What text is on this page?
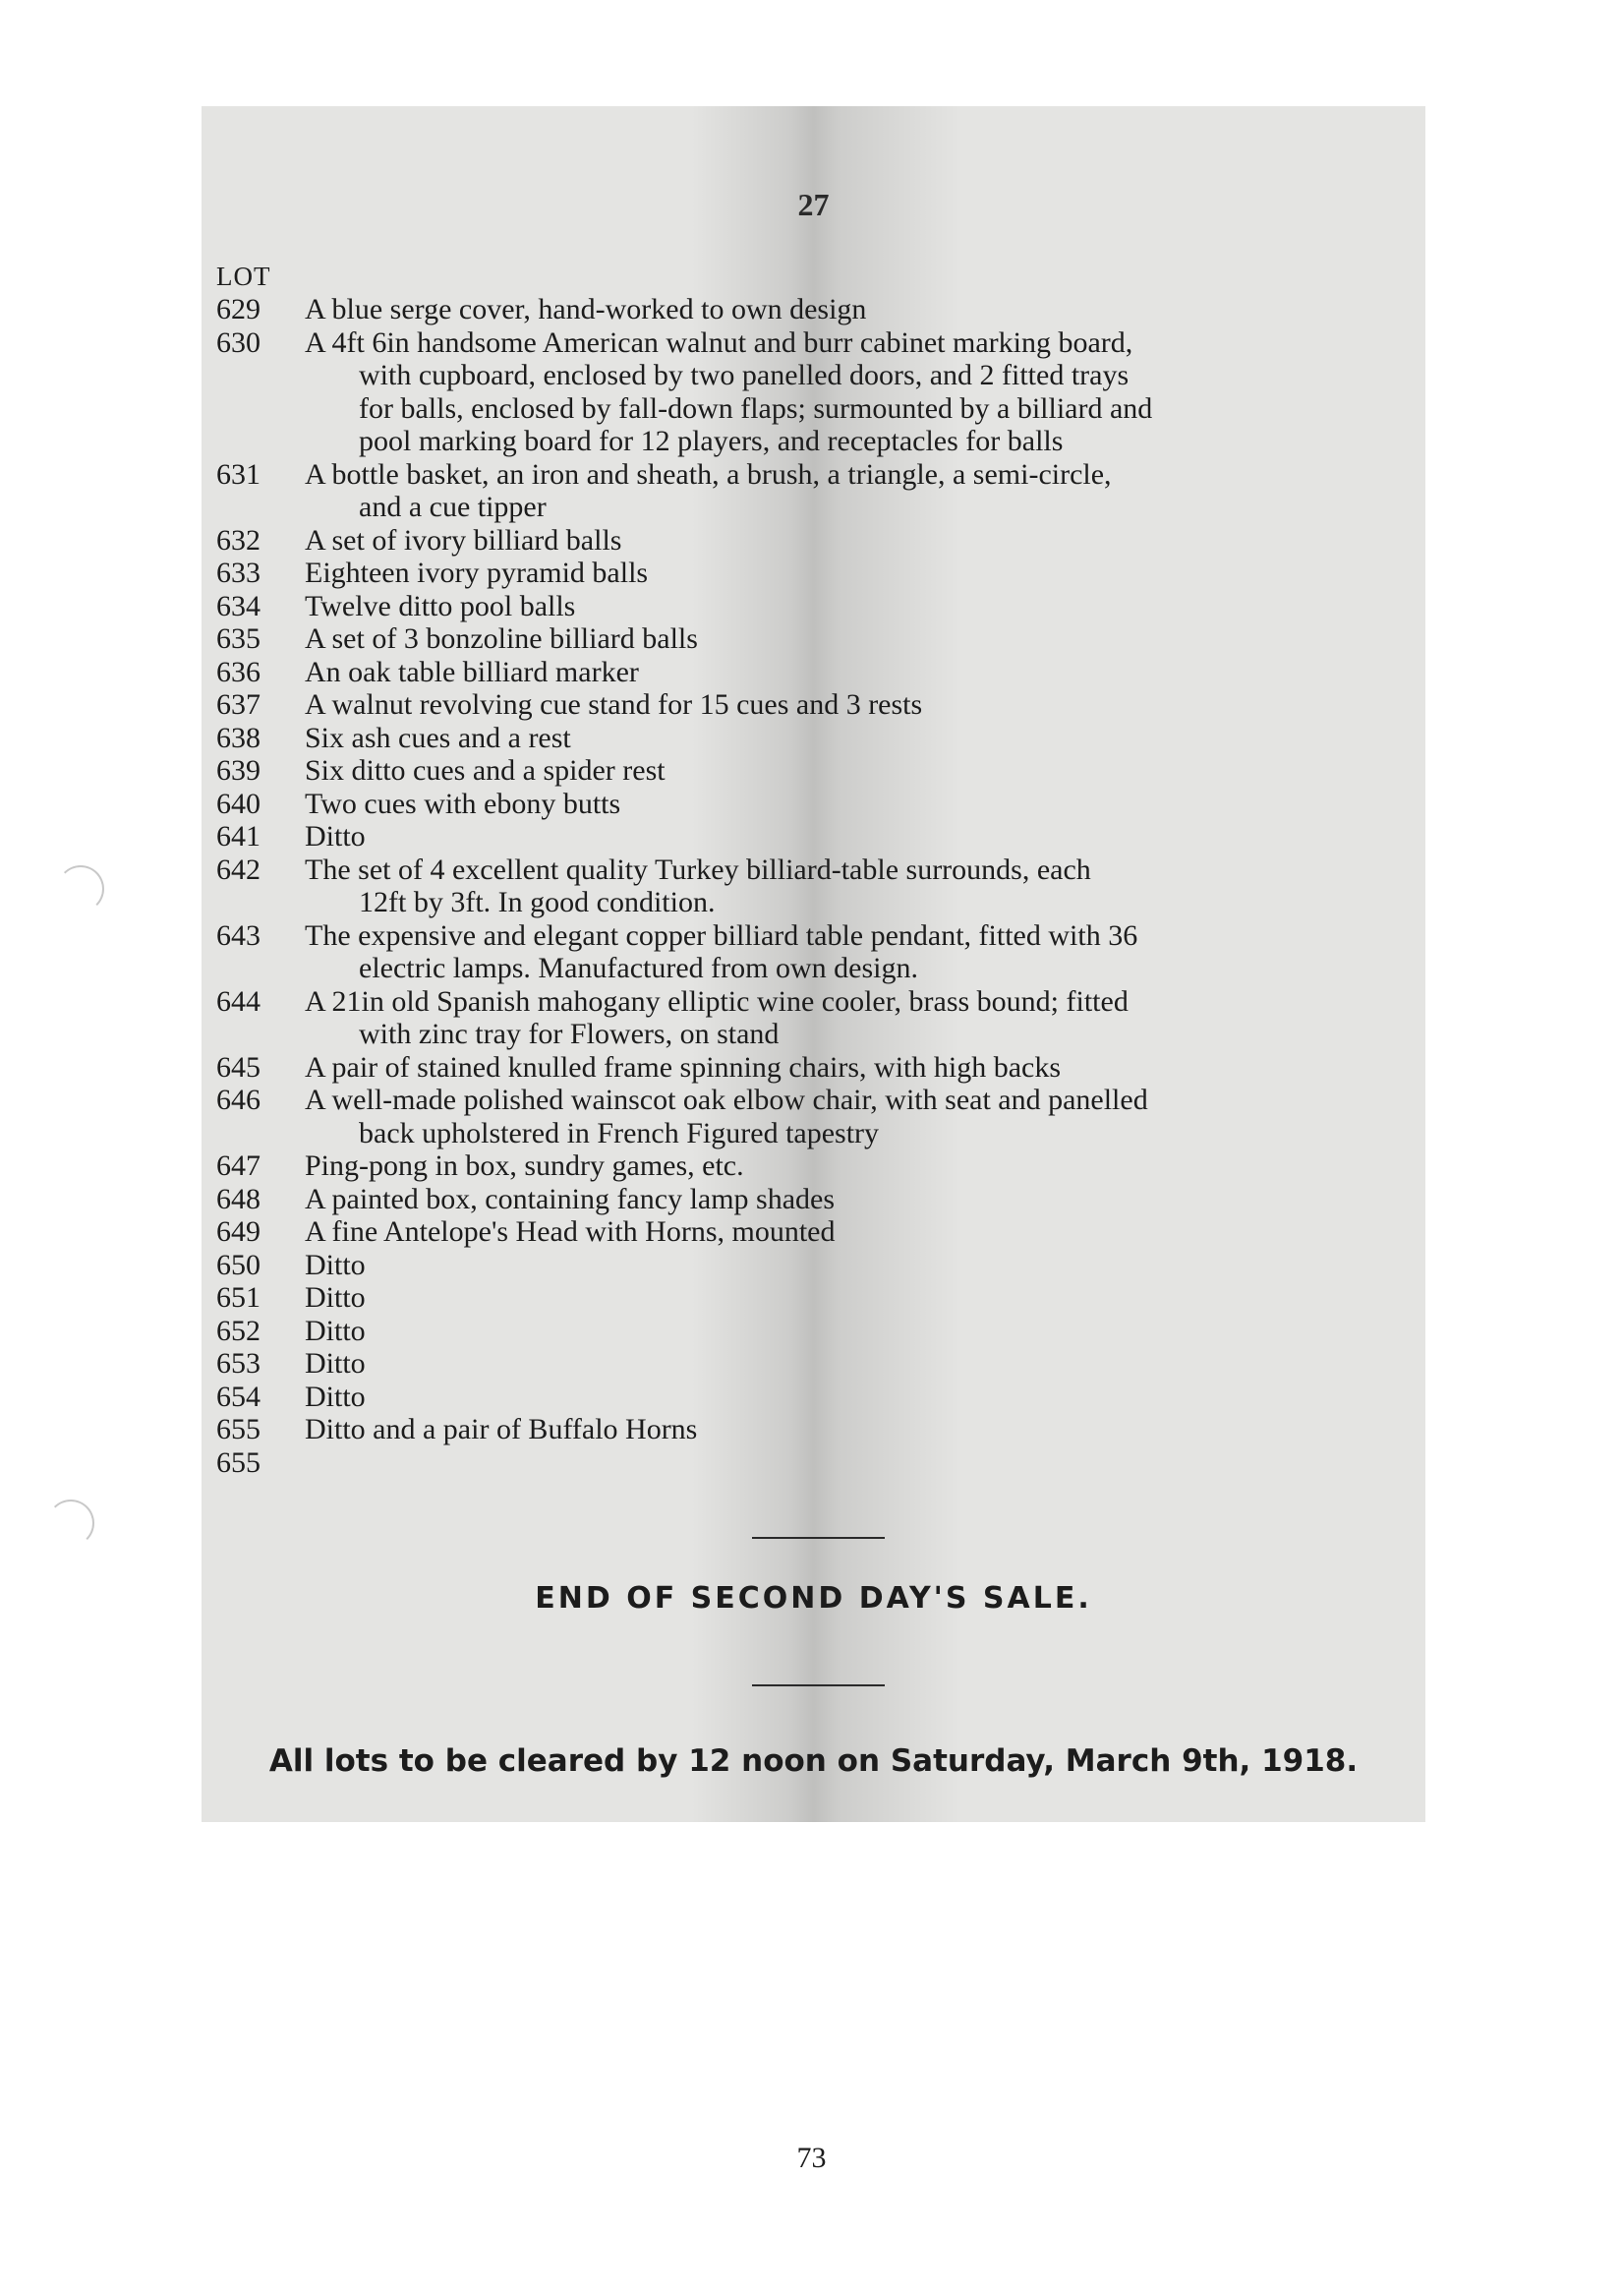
27
LOT
629	A blue serge cover, hand-worked to own design
630	A 4ft 6in handsome American walnut and burr cabinet marking board,
with cupboard, enclosed by two panelled doors, and 2 fitted trays
for balls, enclosed by fall-down flaps; surmounted by a billiard and
pool marking board for 12 players, and receptacles for balls
631	A bottle basket, an iron and sheath, a brush, a triangle, a semi-circle,
and a cue tipper
632	A set of ivory billiard balls
633	Eighteen ivory pyramid balls
634	Twelve ditto pool balls
635	A set of 3 bonzoline billiard balls
636	An oak table billiard marker
637	A walnut revolving cue stand for 15 cues and 3 rests
638	Six ash cues and a rest
639	Six ditto cues and a spider rest
640	Two cues with ebony butts
641	Ditto
642	The set of 4 excellent quality Turkey billiard-table surrounds, each
12ft by 3ft. In good condition.
643	The expensive and elegant copper billiard table pendant, fitted with 36
electric lamps. Manufactured from own design.
644	A 21in old Spanish mahogany elliptic wine cooler, brass bound; fitted
with zinc tray for Flowers, on stand
645	A pair of stained knulled frame spinning chairs, with high backs
646	A well-made polished wainscot oak elbow chair, with seat and panelled
back upholstered in French Figured tapestry
647	Ping-pong in box, sundry games, etc.
648	A painted box, containing fancy lamp shades
649	A fine Antelope's Head with Horns, mounted
650	Ditto
651	Ditto
652	Ditto
653	Ditto
654	Ditto
655	Ditto and a pair of Buffalo Horns
655
END OF SECOND DAY'S SALE.
All lots to be cleared by 12 noon on Saturday, March 9th, 1918.
73
